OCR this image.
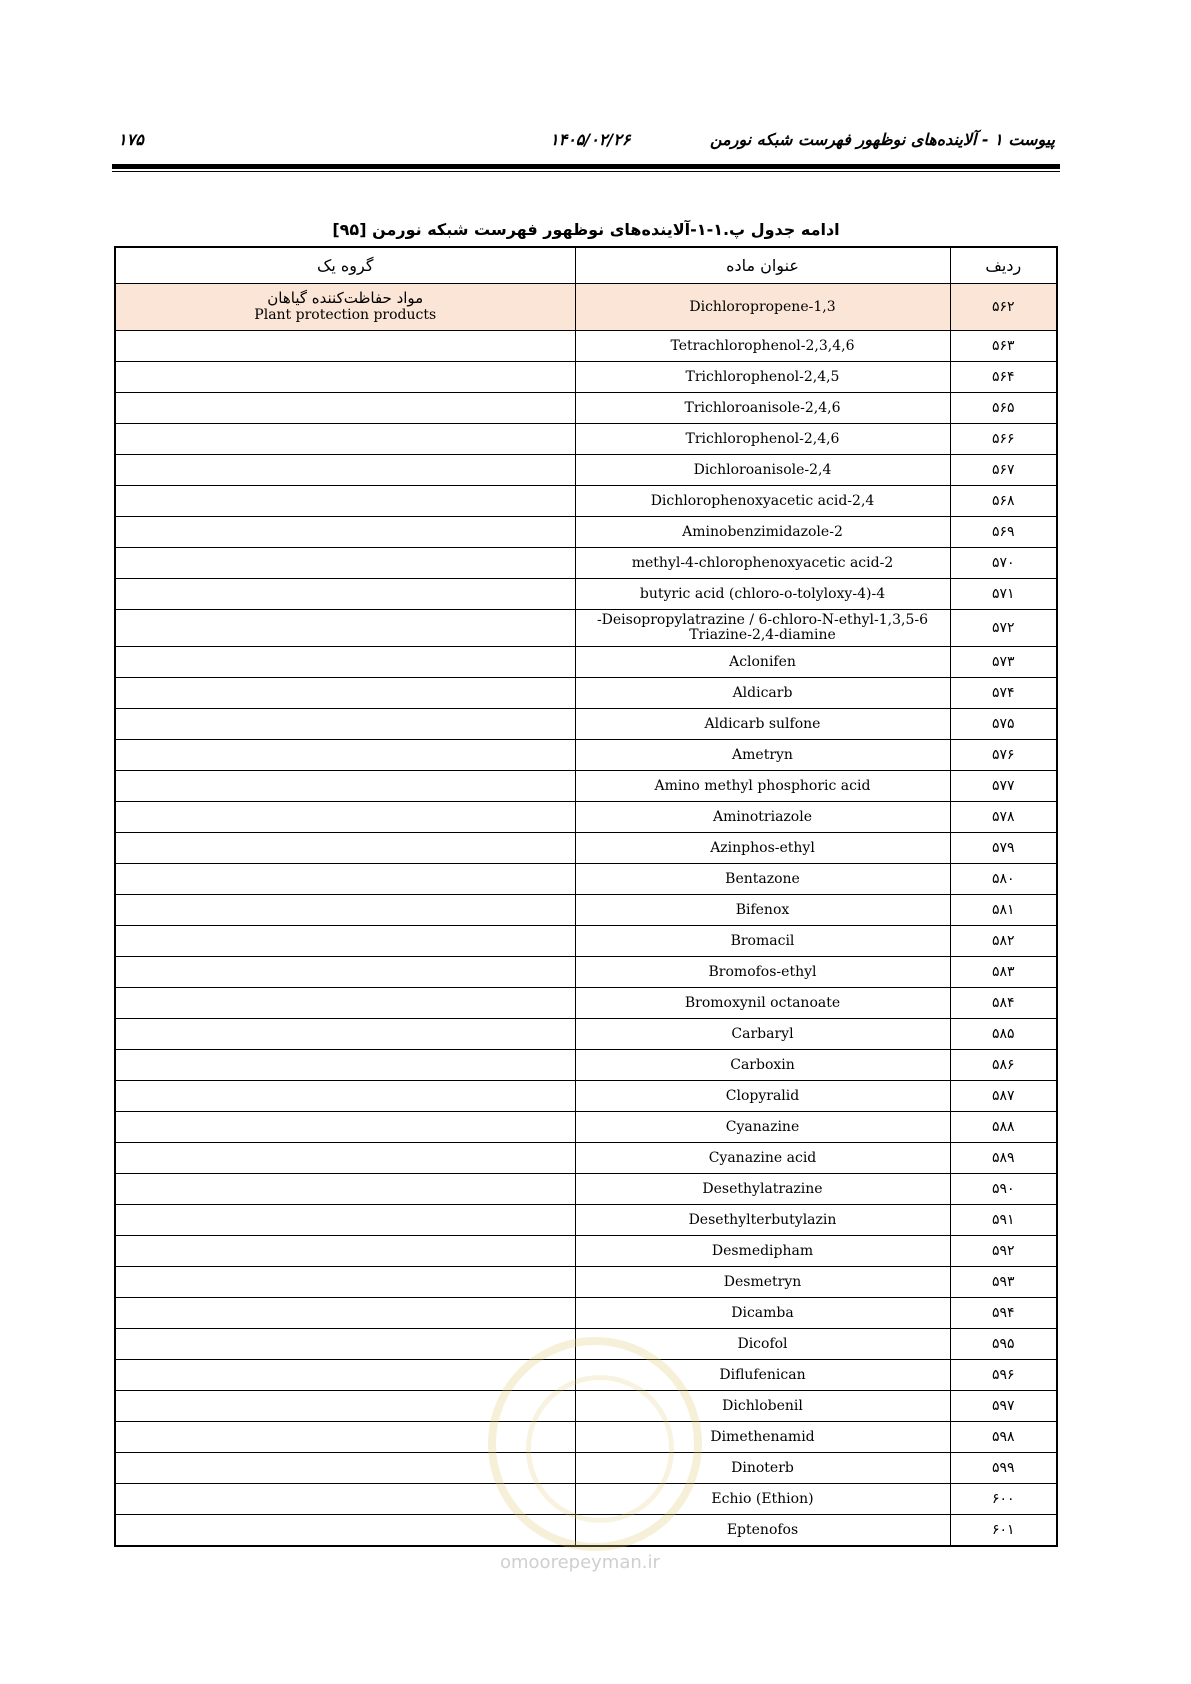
پیوست ۱ - آلاینده‌های نوظهور فهرست شبکه نورمن
۱۴۰۵/۰۲/۲۶
۱۷۵
ادامه جدول پ.۱-۱-آلاینده‌های نوظهور فهرست شبکه نورمن [۹۵]
ردیف	عنوان ماده	گروه یک
۵۶۲	1,3-Dichloropropene	مواد حفاظت‌کننده گیاهان
Plant protection products

۵۶۳	2,3,4,6-Tetrachlorophenol	
۵۶۴	2,4,5-Trichlorophenol	
۵۶۵	2,4,6-Trichloroanisole	
۵۶۶	2,4,6-Trichlorophenol	
۵۶۷	2,4-Dichloroanisole	
۵۶۸	2,4-Dichlorophenoxyacetic acid	
۵۶۹	2-Aminobenzimidazole	
۵۷۰	2-methyl-4-chlorophenoxyacetic acid	
۵۷۱	4-(4-chloro-o-tolyloxy) butyric acid	
۵۷۲	6-Deisopropylatrazine / 6-chloro-N-ethyl-1,3,5-
Triazine-2,4-diamine	

۵۷۳	Aclonifen	
۵۷۴	Aldicarb	
۵۷۵	Aldicarb sulfone	
۵۷۶	Ametryn	
۵۷۷	Amino methyl phosphoric acid	
۵۷۸	Aminotriazole	
۵۷۹	Azinphos-ethyl	
۵۸۰	Bentazone	
۵۸۱	Bifenox	
۵۸۲	Bromacil	
۵۸۳	Bromofos-ethyl	
۵۸۴	Bromoxynil octanoate	
۵۸۵	Carbaryl	
۵۸۶	Carboxin	
۵۸۷	Clopyralid	
۵۸۸	Cyanazine	
۵۸۹	Cyanazine acid	
۵۹۰	Desethylatrazine	
۵۹۱	Desethylterbutylazin	
۵۹۲	Desmedipham	
۵۹۳	Desmetryn	
۵۹۴	Dicamba	
۵۹۵	Dicofol	
۵۹۶	Diflufenican	
۵۹۷	Dichlobenil	
۵۹۸	Dimethenamid	
۵۹۹	Dinoterb	
۶۰۰	Echio (Ethion)	
۶۰۱	Eptenofos	
omoorepeyman.ir
